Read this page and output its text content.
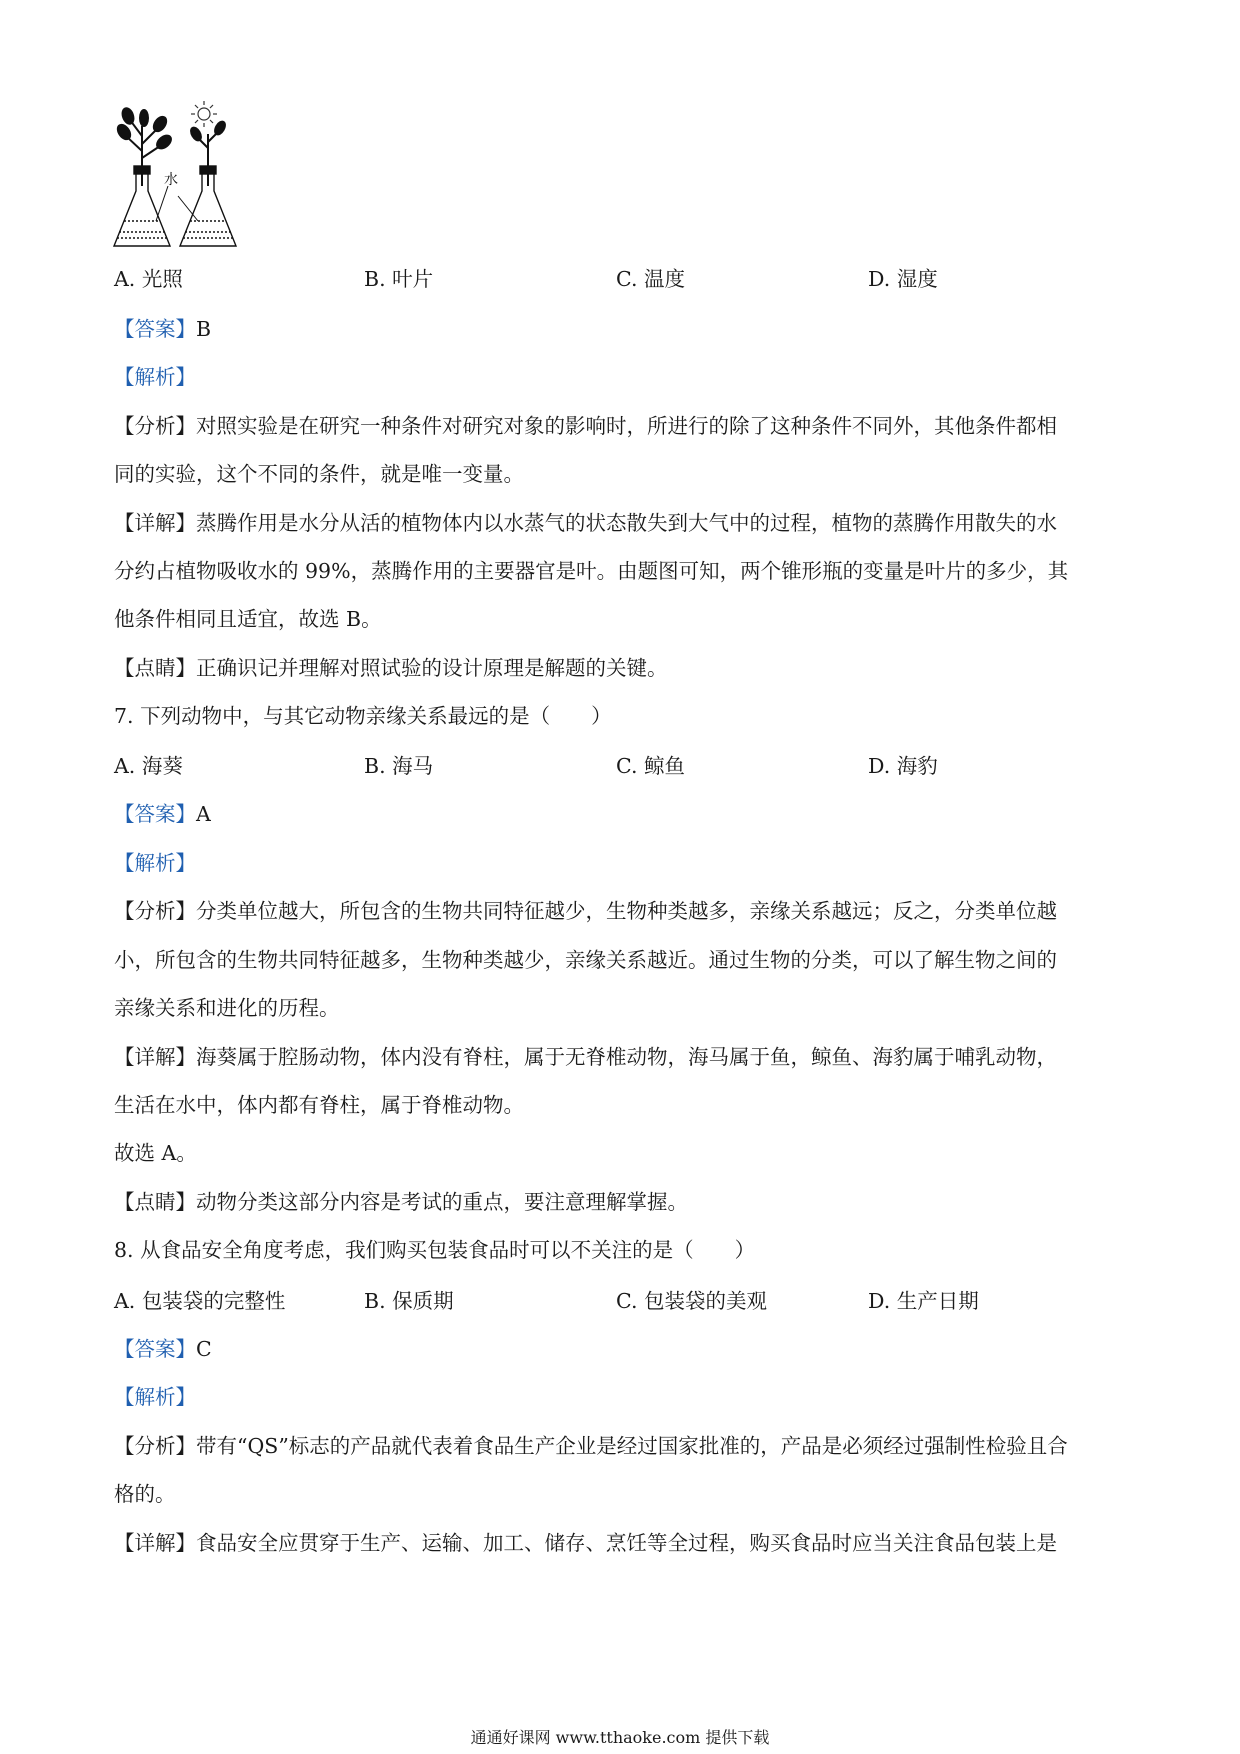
水
A. 光照	B. 叶片	C. 温度	D. 湿度
【答案】B
【解析】
【分析】对照实验是在研究一种条件对研究对象的影响时，所进行的除了这种条件不同外，其他条件都相
同的实验，这个不同的条件，就是唯一变量。
【详解】蒸腾作用是水分从活的植物体内以水蒸气的状态散失到大气中的过程，植物的蒸腾作用散失的水
分约占植物吸收水的 99%，蒸腾作用的主要器官是叶。由题图可知，两个锥形瓶的变量是叶片的多少，其
他条件相同且适宜，故选 B。
【点睛】正确识记并理解对照试验的设计原理是解题的关键。
7. 下列动物中，与其它动物亲缘关系最远的是（　　）
A. 海葵	B. 海马	C. 鲸鱼	D. 海豹
【答案】A
【解析】
【分析】分类单位越大，所包含的生物共同特征越少，生物种类越多，亲缘关系越远；反之，分类单位越
小，所包含的生物共同特征越多，生物种类越少，亲缘关系越近。通过生物的分类，可以了解生物之间的
亲缘关系和进化的历程。
【详解】海葵属于腔肠动物，体内没有脊柱，属于无脊椎动物，海马属于鱼，鲸鱼、海豹属于哺乳动物，
生活在水中，体内都有脊柱，属于脊椎动物。
故选 A。
【点睛】动物分类这部分内容是考试的重点，要注意理解掌握。
8. 从食品安全角度考虑，我们购买包装食品时可以不关注的是（　　）
A. 包装袋的完整性	B. 保质期	C. 包装袋的美观	D. 生产日期
【答案】C
【解析】
【分析】带有“QS”标志的产品就代表着食品生产企业是经过国家批准的，产品是必须经过强制性检验且合
格的。
【详解】食品安全应贯穿于生产、运输、加工、储存、烹饪等全过程，购买食品时应当关注食品包装上是
通通好课网 www.tthaoke.com 提供下载
